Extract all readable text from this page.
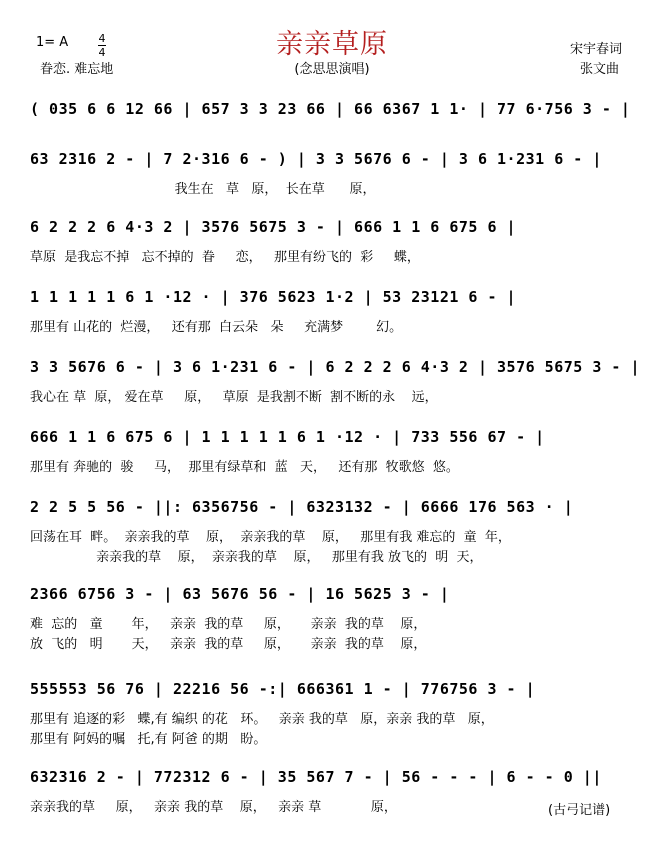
1= A	4
4
眷恋. 难忘地
亲亲草原
(念思思演唱)
宋宇春词
张文曲
( 035 6 6 12 66 | 657 3 3 23 66 | 66 6367 1 1· | 77 6·756 3 - |
63 2316 2 - | 7 2·316 6 - ) | 3 3 5676 6 - | 3 6 1·231 6 - |
我生在   草   原，  长在草      原，
6 2 2 2 6 4·3 2 | 3576 5675 3 - | 666 1 1 6 675 6 |
草原  是我忘不掉   忘不掉的  眷     恋，   那里有纷飞的  彩     蝶，
1 1 1 1 1 6 1 ·12 · | 376 5623 1·2 | 53 23121 6 - |
那里有 山花的  烂漫，   还有那  白云朵   朵     充满梦        幻。
3 3 5676 6 - | 3 6 1·231 6 - | 6 2 2 2 6 4·3 2 | 3576 5675 3 - |
我心在 草  原， 爱在草     原，   草原  是我割不断  割不断的永    远，
666 1 1 6 675 6 | 1 1 1 1 1 6 1 ·12 · | 733 556 67 - |
那里有 奔驰的  骏     马，  那里有绿草和  蓝   天，   还有那  牧歌悠  悠。
2 2 5 5 56 - ||: 6356756 - | 6323132 - | 6666 176 563 · |
回荡在耳  畔。  亲亲我的草    原，  亲亲我的草    原，   那里有我 难忘的  童  年，
亲亲我的草    原，  亲亲我的草    原，   那里有我 放飞的  明  天，
2366 6756 3 - | 63 5676 56 - | 16 5625 3 - |
难  忘的   童       年，   亲亲  我的草     原，     亲亲  我的草    原，
放  飞的   明       天，   亲亲  我的草     原，     亲亲  我的草    原，
555553 56 76 | 22216 56 -:| 666361 1 - | 776756 3 - |
那里有 追逐的彩   蝶,有 编织 的花   环。   亲亲 我的草   原，亲亲 我的草   原，
那里有 阿妈的嘱   托,有 阿爸 的期   盼。
632316 2 - | 772312 6 - | 35 567 7 - | 56 - - - | 6 - - 0 ||
亲亲我的草     原，   亲亲 我的草    原，   亲亲 草            原，	(古弓记谱)
